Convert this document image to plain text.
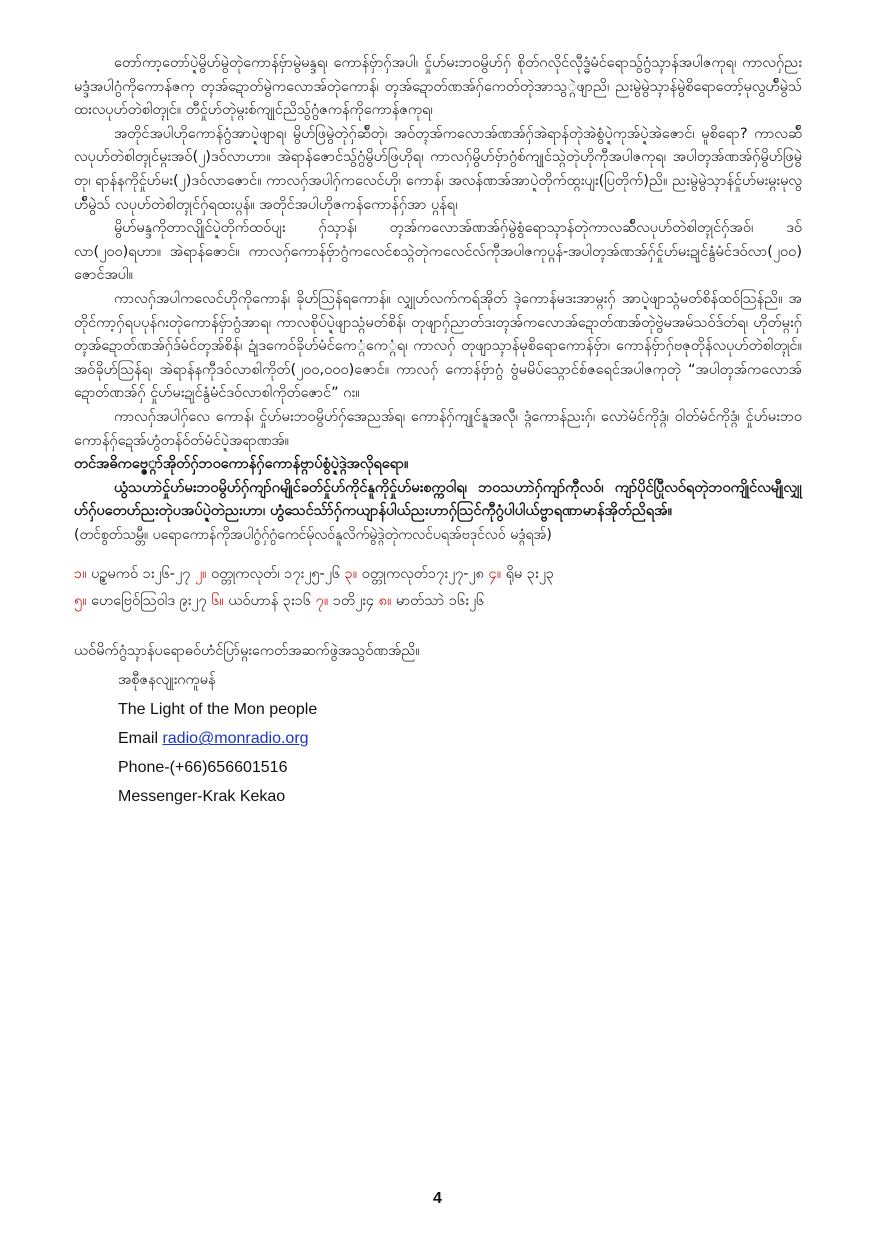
တော်ကာ့တော်ပ္ဍဲမွိဟ်မွဲတုဲကောန်ဗှ်ာမွဲမန္ဒရ၊ ကောန်ဗှ်ာဂှ်အပါ၊ ငှ်ုဟ်မးဘဝမွိဟ်ဂှ် စိုတ်ဂလိုင်လီုဒ္ဓံမံင်ရောသ်ွဂွံသ္ၚာန်အပါဇကုရ၊ ကာလဂှ်ညးမဒ္ဒံအပါဂွံကိုကောန်ဇကု တ္ၚအ်ဍောတ်မွဲကလောအ်တုဲကောန်၊ တ္ၚအ်ဍောတ်ဏအ်ဂှ်ကေတ်တုဲအာသွ္ဂဲဖျာညိ၊ ညးမွဲမွဲသ္ၚာန်မွဲစိရောတော့်မုလွဟ်ီမွဲသ်ထးလပုဟ်တဲစါတ္ၚုင်။ တီငှ်ုဟ်တုဲမ္ဂးစ်ကျုင်ညိသ်ွဂွံဇကန်ကိုကောန်ဇကုရ၊

အတိုင်အပါဟိုကောန်ဂွံအာပ္ဍဲဖျာရ၊ မွိဟ်ဖြမွဲတုဲဂှ်ဆ်ီတုဲ၊ အဝ်တ္ၚအ်ကလောအ်ဏအ်ဂှ်အဲရာန်တုဲအဲစွံပ္ဍဲကုအ်ပ္ဍဲအဲဇောင်၊ မူစိရော? ကာလဆ်ီလပုဟ်တဲစါတ္ၚုင်မ္ဂးအဝ်(၂)ဒဝ်လာဟာ။ အဲရာန်ဇောင်သ်ွဂွံမွိဟ်ဖြဟိုရ၊ ကာလဂှ်မွိဟ်ဗှ်ာဂွံစ်ကျုင်သ္ဂဲတုဲဟိုကီုအပါဇကုရ၊ အပါတ္ၚအ်ဏအ်ဂှ်မွိဟ်ဖြမွဲတု၊ ရာန်နကိုငှ်ုဟ်မး(၂)ဒဝ်လာဇောင်။ ကာလဂှ်အပါဂှ်ကလေင်ဟို၊ ကောန်၊ အလန်ဏအ်အာပ္ဍဲတိုက်ထ္ဂးပျး(ပြတိုက်)ညိ။ ညးမွဲမွဲသ္ၚာန်ငှ်ုဟ်မးမ္ဂးမုလွဟ်ီမွဲသ် လပုဟ်တဲစါတ္ၚုင်ဂှ်ရထးပ္ဂန်။ အတိုင်အပါဟိုဇကန်ကောန်ဂှ်အာ ပ္ဂန်ရ၊

မွိဟ်မန္ဒကိုတာလျိုင်ပ္ဍဲတိုက်ထဝ်ပျး ဂှ်သ္ၚာန်၊ တ္ၚအ်ကလောအ်ဏအ်ဂှ်မွဲစွံရောသ္ၚာန်တုဲကာလဆ်ီလပုဟ်တဲစါတ္ၚုင်ဂှ်အဝ်၊ ဒဝ်လာ(၂၀၀)ရဟာ။ အဲရာန်ဇောင်။ ကာလဂှ်ကောန်ဗှ်ာဂွံကလေင်စသ္ဂဲတုဲကလေင်လ်ကီုအပါဇကုပ္ဂန်-အပါတ္ၚအ်ဏအ်ဂှ်ငှ်ုဟ်မးဍုင်နွံမံင်ဒဝ်လာ(၂၀၀) ဇောင်အပါ။

ကာလဂှ်အပါကလေင်ဟိုကိုကောန်၊ ခိုဟ်ဩန်ရကောန်။ လျှုဟ်လက်ကရ်အိုတ် ဒ္ၚဲကောန်မဒးအာမ္ဂးဂှ် အာပ္ဍဲဖျာသ္ဂံမတ်စိန်ထဝ်ဩန်ညိ။ အတိုင်ကာ့ဂှ်ရပပုန်ဂးတုဲကောန်ဗှ်ာဂွံအာရ၊ ကာလစိုပ်ပ္ဍဲဖျာသ္ဂံမတ်စိန်၊ တုဖျာဂှ်ညာတ်ဒးတ္ၚအ်ကလောအ်ဍောတ်ဏအ်တုဲဗွဲမအမ်သဝ်ဒ်တ်ရ၊ ဟိုတ်မ္ဂးဂှ် တ္ၚအ်ဍောတ်ဏအ်ဂှ်ဒ်မံင်တ္ၚအ်စိန်၊ ဍုံဒကေဝ်ခိုဟ်မံင်ကေ္ဂံကေ္ဂံရ၊ ကာလဂှ် တုဖျာသ္ၚာန်မုစိရောကောန်ဗှ်ာ၊ ကောန်ဗှ်ာဂှ်ဗဇုတိုန်လပုဟ်တဲစါတ္ၚုင်။ အဝ်ခိုဟ်ဩန်ရ၊ အဲရာန်နကီုဒဝ်လာစါကိုတ်(၂၀၀,၀၀၀)ဇောင်။ ကာလဂှ် ကောန်ဗှ်ာဂွံ ဗွံမမိပ်သ္ဂောင်စ်ဇရေင်အပါဇကုတုဲ “အပါတ္ၚအ်ကလောအ်ဍောတ်ဏအ်ဂှ် ငှ်ုဟ်မးဍုင်နွံမံင်ဒဝ်လာစါကိုတ်ဇောင်” ဂး။

ကာလဂှ်အပါဂှ်လေ ကောန်၊ ငှ်ုဟ်မးဘဝမွိဟ်ဂှ်အေညအ်ရ၊ ကောန်ဂှ်ကျုင်နူအလီု၊ ဒ္ဂံကောန်ညးဂှ်၊ လောဲမံင်ကိုဒ္ဂံ၊ ဝါတ်မံင်ကိုဒ္ဂံ၊ ငှ်ုဟ်မးဘဝကောန်ဂှ်ဍေအ်ဟွံတန်ဝ်တ်မံင်ပ္ဍဲအရာဏအ်။

တင်အဓိကဗ္ဇေ္ဂာ်အိုတ်ဂှ်ဘဝကောန်ဂှ်ကောန်ဗ္ဂာပ်စွံပ္ဍဲဒ္ဂဲအလိုရရော။

ယွံသဟာဲငှ်ုဟ်မးဘဝမွိဟ်ဂှ်ကျာ်ဂမျိုင်ခတ်ငှ်ုဟ်ကိုင်နူကိုငှ်ုဟ်မးစက္ကဝါရ၊ ဘဝသဟာဲဂှ်ကျာ်ကီုလဝ်၊ ကျာ်ပိုင်ပြီုလဝ်ရတုဲဘဝကျိုင်လမျီုလျှုဟ်ဂှ်ပတေဟ်ညးတုဲပအပ်ပ္ဍဲတဲညးဟာ၊ ဟွံသေင်သ်ာ်ဂှ်ကယျာန်ပါယ်ညးဟာဂှ်ဩင်ကီုဂွံပါပါယ်ဗ္ဗာရဏာမာန်အိုတ်ညိရအ်။

(တင်စွတ်သမ္တီ။ ပရောကောန်ကိုအပါဂွံဂှ်ဂွံကေင်မ်ုလဝ်နူလိက်မွဲဒ္ဂဲတုဲကလင်ပရအ်ဗဒုင်လဝ် မဒ္ဂံရအ်)

၁။ ပဥ္စမကဝ် ၁း၂၆-၂၇ ၂။ ဝတ္တုကလုတ်၊ ၁၇း၂၅-၂၆ ၃။ ဝတ္တုကလုတ်၁၇း၂၇-၂၈ ၄။ ရိုမ ၃း၂၃
၅။ ဟေဗြေဝ်ဩဝါဒ ၉း၂၇ ၆။ ယဝ်ဟာန် ၃း၁၆ ၇။ ၁တိ၂း၄ ၈။ မာတ်သာဲ ၁၆း၂၆
ယဝ်မိက်ဂွံသ္ၚာန်ပရောဓဝ်ဟံင်ပြာ်မ္ဂးကေတ်အဆက်ဖွဲအသွဝ်ဏအ်ညိ။
အစီုဇနလျုးဂကူမန်
The Light of the Mon people
Email radio@monradio.org
Phone-(+66)656601516
Messenger-Krak Kekao
4
